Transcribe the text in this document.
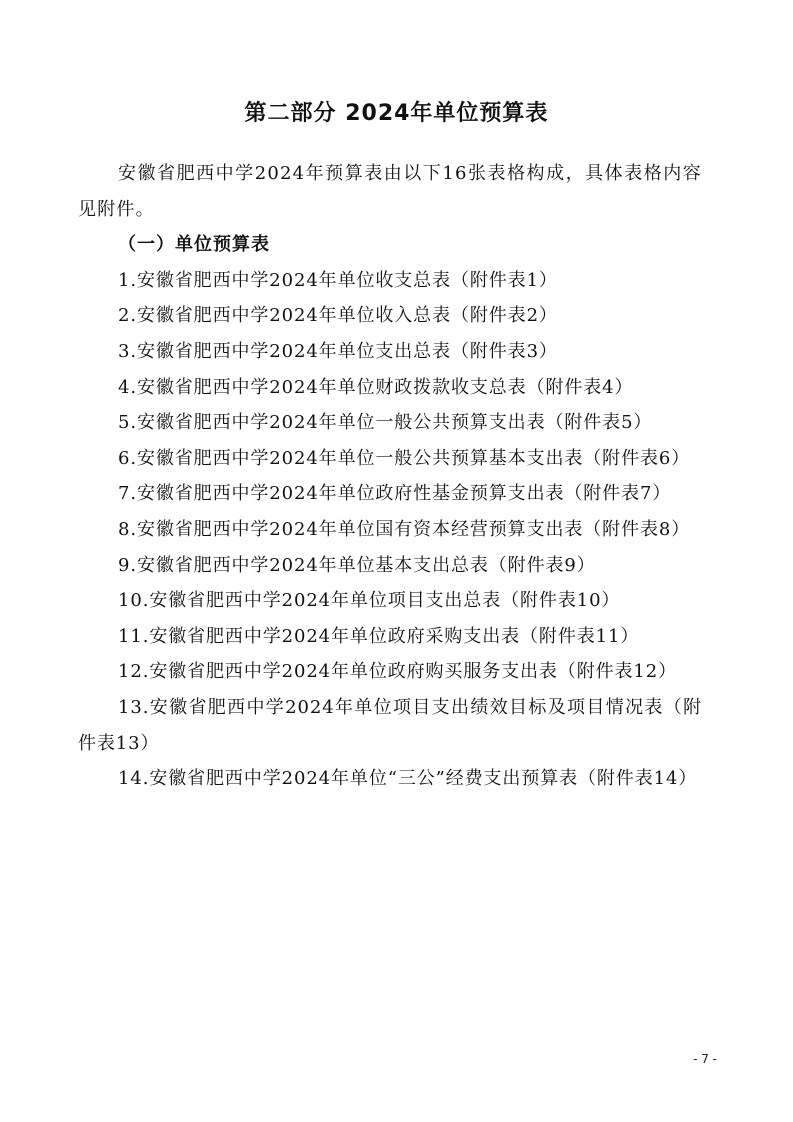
第二部分 2024年单位预算表

安徽省肥西中学2024年预算表由以下16张表格构成，具体表格内容见附件。

（一）单位预算表

1.安徽省肥西中学2024年单位收支总表（附件表1）
2.安徽省肥西中学2024年单位收入总表（附件表2）
3.安徽省肥西中学2024年单位支出总表（附件表3）
4.安徽省肥西中学2024年单位财政拨款收支总表（附件表4）
5.安徽省肥西中学2024年单位一般公共预算支出表（附件表5）
6.安徽省肥西中学2024年单位一般公共预算基本支出表（附件表6）
7.安徽省肥西中学2024年单位政府性基金预算支出表（附件表7）
8.安徽省肥西中学2024年单位国有资本经营预算支出表（附件表8）
9.安徽省肥西中学2024年单位基本支出总表（附件表9）
10.安徽省肥西中学2024年单位项目支出总表（附件表10）
11.安徽省肥西中学2024年单位政府采购支出表（附件表11）
12.安徽省肥西中学2024年单位政府购买服务支出表（附件表12）
13.安徽省肥西中学2024年单位项目支出绩效目标及项目情况表（附件表13）
14.安徽省肥西中学2024年单位“三公”经费支出预算表（附件表14）
- 7 -
